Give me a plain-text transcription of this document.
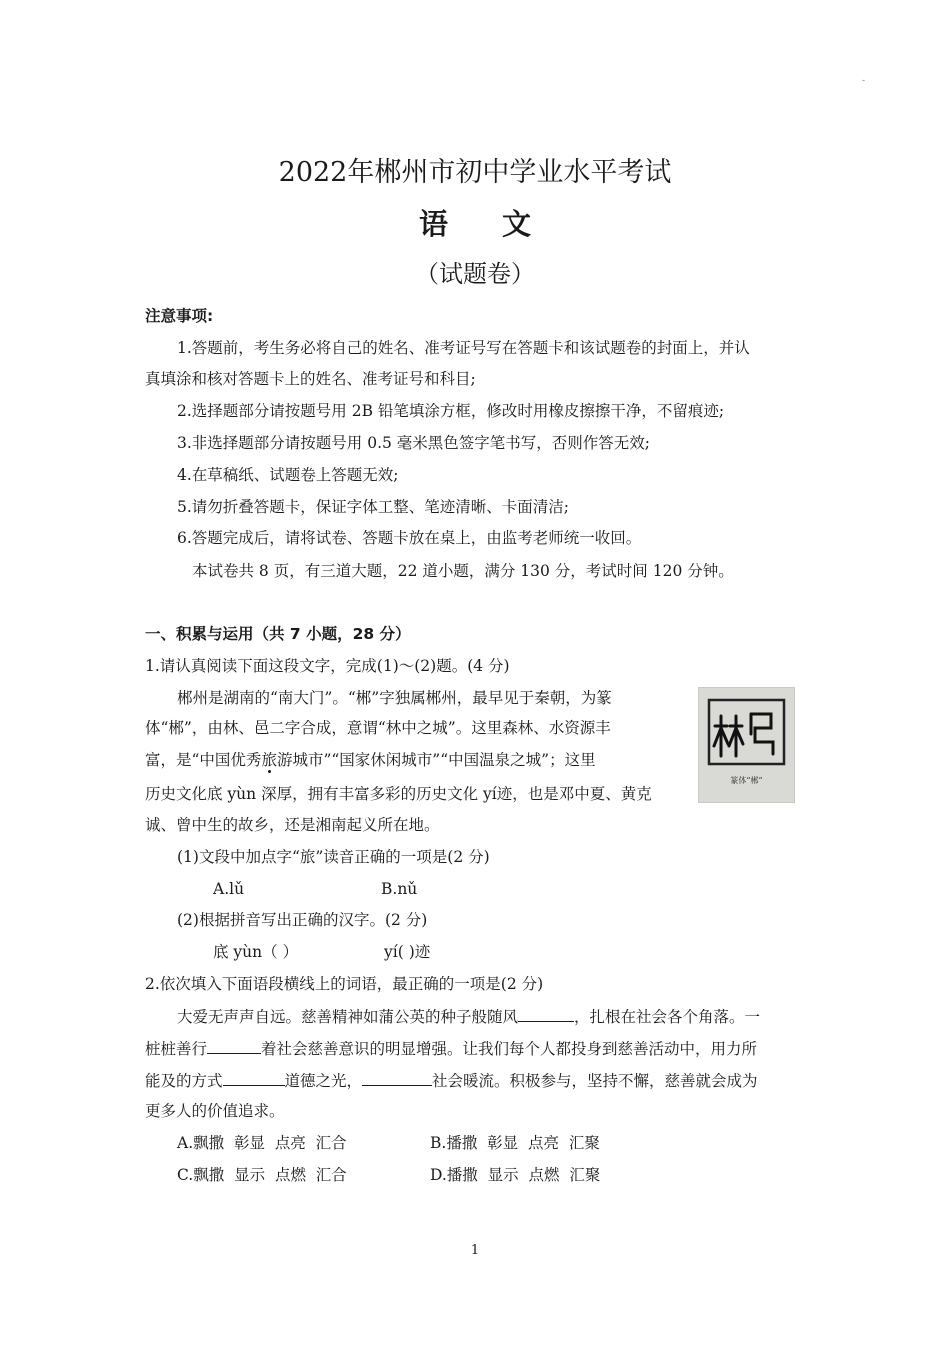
-
2022年郴州市初中学业水平考试
语 文
（试题卷）
注意事项:
1.答题前，考生务必将自己的姓名、准考证号写在答题卡和该试题卷的封面上，并认
真填涂和核对答题卡上的姓名、准考证号和科目;
2.选择题部分请按题号用 2B 铅笔填涂方框，修改时用橡皮擦擦干净，不留痕迹;
3.非选择题部分请按题号用 0.5 毫米黑色签字笔书写，否则作答无效;
4.在草稿纸、试题卷上答题无效;
5.请勿折叠答题卡，保证字体工整、笔迹清晰、卡面清洁;
6.答题完成后，请将试卷、答题卡放在桌上，由监考老师统一收回。
本试卷共 8 页，有三道大题，22 道小题，满分 130 分，考试时间 120 分钟。
一、积累与运用（共 7 小题，28 分）
1.请认真阅读下面这段文字，完成(1)～(2)题。(4 分)
郴州是湖南的“南大门”。“郴”字独属郴州，最早见于秦朝，为篆
体“郴”，由林、邑二字合成，意谓“林中之城”。这里森林、水资源丰
富，是“中国优秀旅游城市”“国家休闲城市”“中国温泉之城”；这里
历史文化底 yùn 深厚，拥有丰富多彩的历史文化 yí迹，也是邓中夏、黄克
诚、曾中生的故乡，还是湘南起义所在地。
篆体“郴”
(1)文段中加点字“旅”读音正确的一项是(2 分)
A.lǔ	B.nǔ
(2)根据拼音写出正确的汉字。(2 分)
底 yùn（ ）	yí( )迹
2.依次填入下面语段横线上的词语，最正确的一项是(2 分)
大爱无声声自远。慈善精神如蒲公英的种子般随风	，扎根在社会各个角落。一
桩桩善行	着社会慈善意识的明显增强。让我们每个人都投身到慈善活动中，用力所
能及的方式	道德之光，	社会暖流。积极参与，坚持不懈，慈善就会成为
更多人的价值追求。
A.飘撒  彰显  点亮  汇合	B.播撒  彰显  点亮  汇聚
C.飘撒  显示  点燃  汇合	D.播撒  显示  点燃  汇聚
1
